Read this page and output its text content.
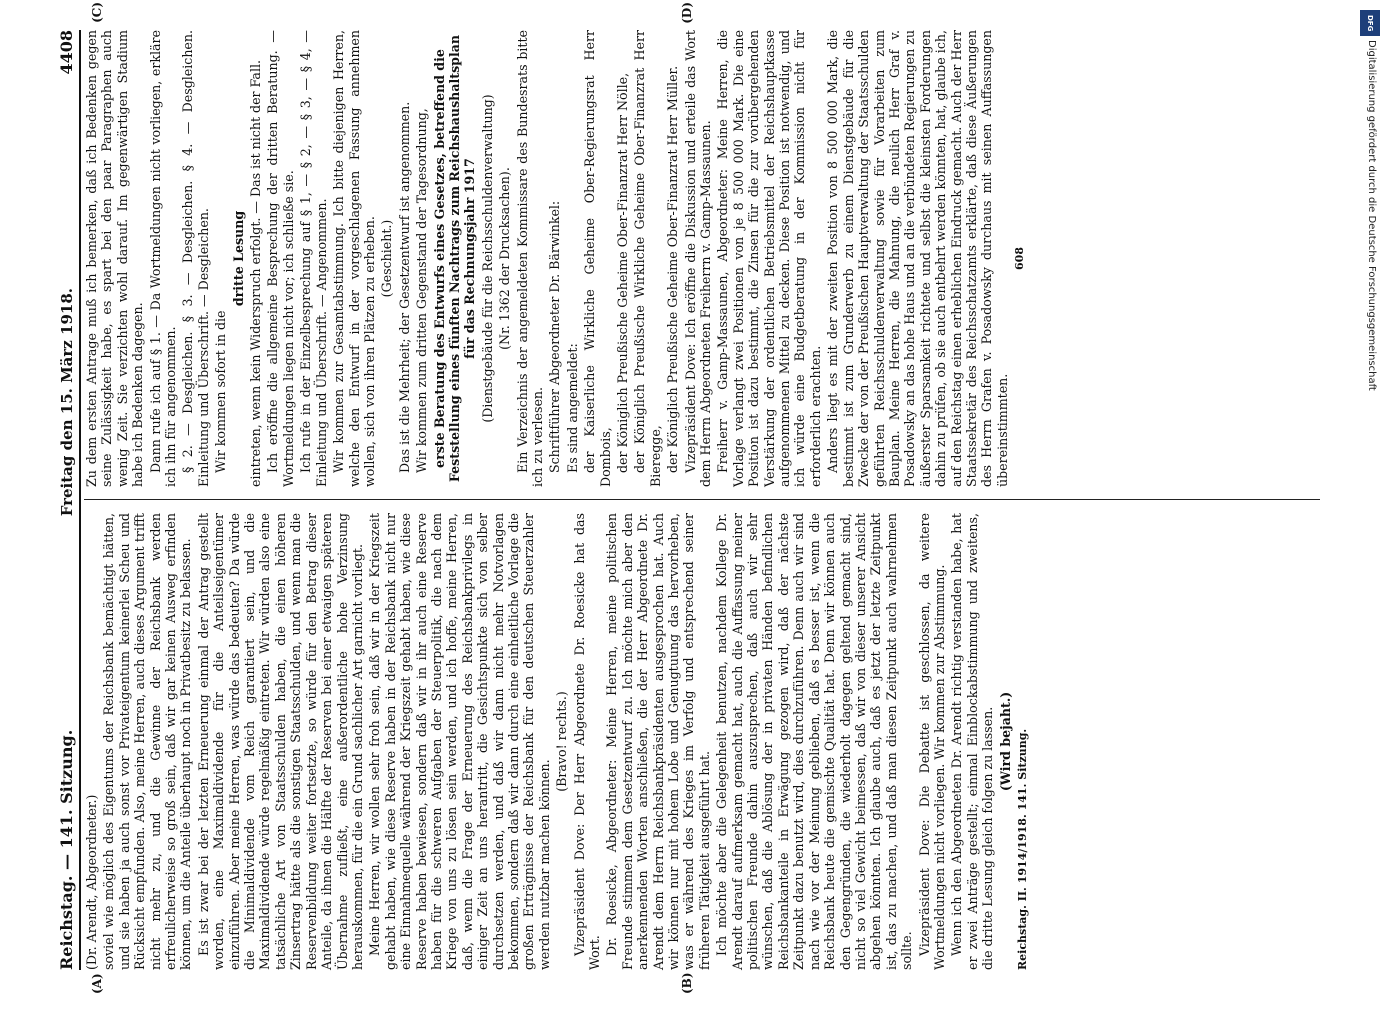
Reichstag. — 141. Sitzung.
Freitag den 15. März 1918.
4408
(A)	(B)
(C)	(D)

(Dr. Arendt, Abgeordneter.) soviel wie möglich des Eigentums der Reichsbank bemächtigt hätten, und sie haben ja auch sonst vor Privateigentum keinerlei Scheu und Rücksicht empfunden. Also, meine Herren, auch dieses Argument trifft nicht mehr zu, und die Gewinne der Reichsbank werden erfreulicherweise so groß sein, daß wir gar keinen Ausweg erfinden können, um die Anteile überhaupt noch in Privatbesitz zu belassen. Es ist zwar bei der letzten Erneuerung einmal der Antrag gestellt worden, eine Maximaldividende für die Anteilseigentümer einzuführen. Aber meine Herren, was würde das bedeuten? Da würde die Minimaldividende vom Reich garantiert sein, und die Maximaldividende würde regelmäßig eintreten. Wir würden also eine tatsächliche Art von Staatsschulden haben, die einen höheren Zinsertrag hätte als die sonstigen Staatsschulden, und wenn man die Reservenbildung weiter fortsetzte, so würde für den Betrag dieser Anteile, da ihnen die Hälfte der Reserven bei einer etwaigen späteren Übernahme zufließt, eine außerordentliche hohe Verzinsung herauskommen, für die ein Grund sachlicher Art garnicht vorliegt. Meine Herren, wir wollen sehr froh sein, daß wir in der Kriegszeit gehabt haben, wie diese Reserve haben in der Reichsbank nicht nur eine Einnahmequelle während der Kriegszeit gehabt haben, wie diese Reserve haben bewiesen, sondern daß wir in ihr auch eine Reserve haben für die schweren Aufgaben der Steuerpolitik, die nach dem Kriege von uns zu lösen sein werden, und ich hoffe, meine Herren, daß, wenn die Frage der Erneuerung des Reichsbankprivilegs in einiger Zeit an uns herantritt, die Gesichtspunkte sich von selber durchsetzen werden, und daß wir dann nicht mehr Notvorlagen bekommen, sondern daß wir dann durch eine einheitliche Vorlage die großen Erträgnisse der Reichsbank für den deutschen Steuerzahler werden nutzbar machen können.

(Bravo! rechts.) Vizepräsident Dove: Der Herr Abgeordnete Dr. Roesicke hat das Wort. Dr. Roesicke, Abgeordneter: Meine Herren, meine politischen Freunde stimmen dem Gesetzentwurf zu. Ich möchte mich aber den anerkennenden Worten anschließen, die der Herr Abgeordnete Dr. Arendt dem Herrn Reichsbankpräsidenten ausgesprochen hat. Auch wir können nur mit hohem Lobe und Genugtuung das hervorheben, was er während des Krieges im Verfolg und entsprechend seiner früheren Tätigkeit ausgeführt hat. Ich möchte aber die Gelegenheit benutzen, nachdem Kollege Dr. Arendt darauf aufmerksam gemacht hat, auch die Auffassung meiner politischen Freunde dahin auszusprechen, daß auch wir sehr wünschen, daß die Ablösung der in privaten Händen befindlichen Reichsbankanteile in Erwägung gezogen wird, daß der nächste Zeitpunkt dazu benutzt wird, dies durchzuführen. Denn auch wir sind nach wie vor der Meinung geblieben, daß es besser ist, wenn die Reichsbank heute die gemischte Qualität hat. Denn wir können auch den Gegengründen, die wiederholt dagegen geltend gemacht sind, nicht so viel Gewicht beimessen, daß wir von dieser unserer Ansicht abgehen könnten. Ich glaube auch, daß es jetzt der letzte Zeitpunkt ist, das zu machen, und daß man diesen Zeitpunkt auch wahrnehmen sollte. Vizepräsident Dove: Die Debatte ist geschlossen, da weitere Wortmeldungen nicht vorliegen. Wir kommen zur Abstimmung. Wenn ich den Abgeordneten Dr. Arendt richtig verstanden habe, hat er zwei Anträge gestellt; einmal Einblockabstimmung und zweitens, die dritte Lesung gleich folgen zu lassen. (Wird bejaht.) Reichstag. II. 1914/1918. 141. Sitzung.

Zu dem ersten Antrage muß ich bemerken, daß ich Bedenken gegen seine Zulässigkeit habe, es spart bei den paar Paragraphen auch wenig Zeit. Sie verzichten wohl darauf. Im gegenwärtigen Stadium habe ich Bedenken dagegen. Dann rufe ich auf § 1. — Da Wortmeldungen nicht vorliegen, erkläre ich ihn für angenommen. § 2. — Desgleichen. § 3. — Desgleichen. § 4. — Desgleichen. Einleitung und Überschrift. — Desgleichen. Wir kommen sofort in die

dritte Lesung eintreten, wenn kein Widerspruch erfolgt. — Das ist nicht der Fall. Ich eröffne die allgemeine Besprechung der dritten Beratung. — Wortmeldungen liegen nicht vor; ich schließe sie. Ich rufe in der Einzelbesprechung auf § 1, — § 2, — § 3, — § 4, — Einleitung und Überschrift. — Angenommen. Wir kommen zur Gesamtabstimmung. Ich bitte diejenigen Herren, welche den Entwurf in der vorgeschlagenen Fassung annehmen wollen, sich von ihren Plätzen zu erheben. (Geschieht.) Das ist die Mehrheit; der Gesetzentwurf ist angenommen. Wir kommen zum dritten Gegenstand der Tagesordnung, erste Beratung des Entwurfs eines Gesetzes, betreffend die Feststellung eines fünften Nachtrags zum Reichshaushaltsplan für das Rechnungsjahr 1917 (Dienstgebäude für die Reichsschuldenverwaltung) (Nr. 1362 der Drucksachen). Ein Verzeichnis der angemeldeten Kommissare des Bundesrats bitte ich zu verlesen. Schriftführer Abgeordneter Dr. Bärwinkel: Es sind angemeldet: der Kaiserliche Wirkliche Geheime Ober-Regierungsrat Herr Dombois, der Königlich Preußische Geheime Ober-Finanzrat Herr Nölle, der Königlich Preußische Wirkliche Geheime Ober-Finanzrat Herr Bieregge, der Königlich Preußische Geheime Ober-Finanzrat Herr Müller. Vizepräsident Dove: Ich eröffne die Diskussion und erteile das Wort dem Herrn Abgeordneten Freiherrn v. Gamp-Massaunen. Freiherr v. Gamp-Massaunen, Abgeordneter: Meine Herren, die Vorlage verlangt zwei Positionen von je 8 500 000 Mark. Die eine Position ist dazu bestimmt, die Zinsen für die zur vorübergehenden Verstärkung der ordentlichen Betriebsmittel der Reichshauptkasse aufgenommenen Mittel zu decken. Diese Position ist notwendig, und ich würde eine Budgetberatung in der Kommission nicht für erforderlich erachten. Anders liegt es mit der zweiten Position von 8 500 000 Mark, die bestimmt ist zum Grunderwerb zu einem Dienstgebäude für die Zwecke der von der Preußischen Hauptverwaltung der Staatsschulden geführten Reichsschuldenverwaltung sowie für Vorarbeiten zum Bauplan. Meine Herren, die Mahnung, die neulich Herr Graf v. Posadowsky an das hohe Haus und an die verbündeten Regierungen zu äußerster Sparsamkeit richtete und selbst die kleinsten Forderungen dahin zu prüfen, ob sie auch entbehrt werden könnten, hat, glaube ich, auf den Reichstag einen erheblichen Eindruck gemacht. Auch der Herr Staatssekretär des Reichsschatzamts erklärte, daß diese Äußerungen des Herrn Grafen v. Posadowsky durchaus mit seinen Auffassungen übereinstimmten.

608

DFG
Digitalisierung gefördert durch die Deutsche Forschungsgemeinschaft
